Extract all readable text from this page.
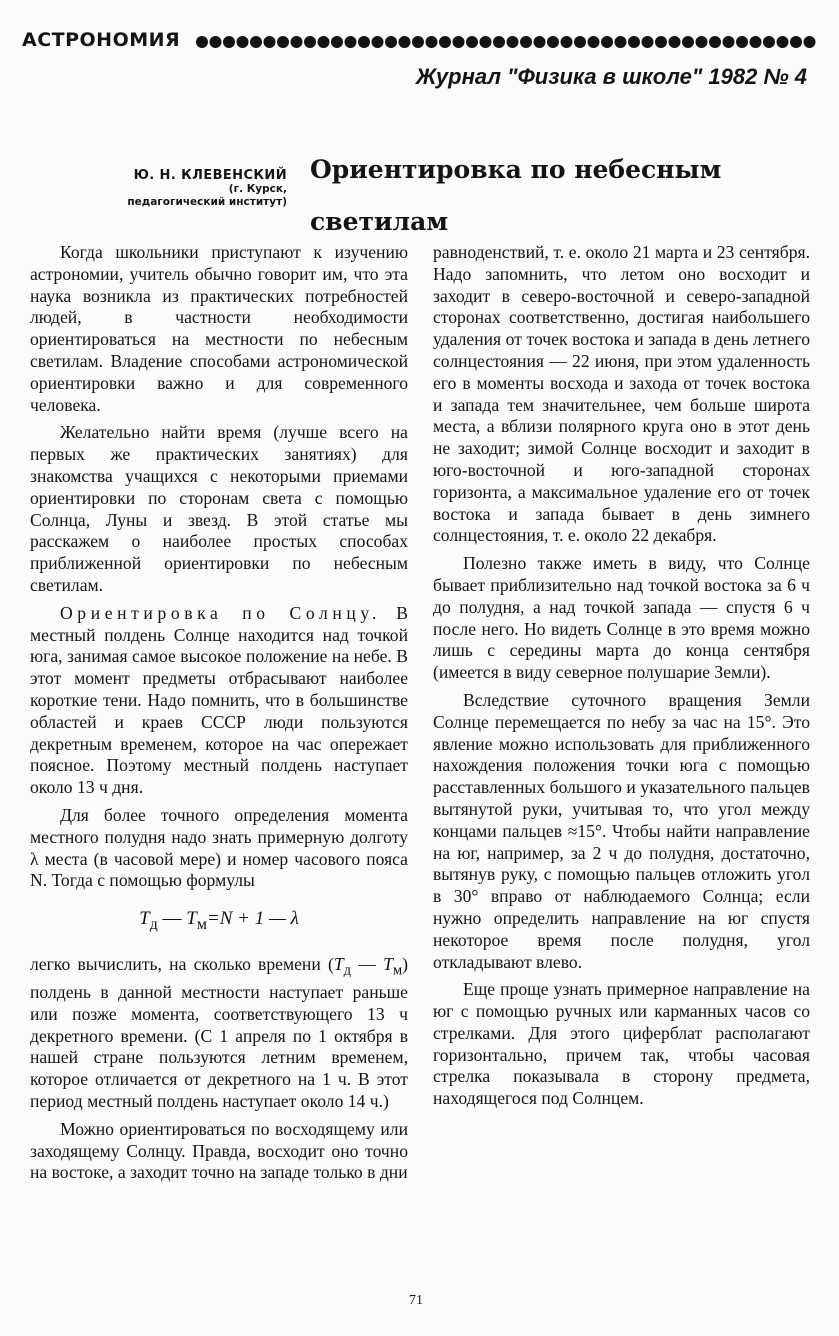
АСТРОНОМИЯ
Журнал "Физика в школе" 1982 № 4
Ю. Н. КЛЕВЕНСКИЙ
(г. Курск,
педагогический институт)
Ориентировка по небесным
светилам

Когда школьники приступают к изучению астрономии, учитель обычно говорит им, что эта наука возникла из практических потребностей людей, в частности необходимости ориентироваться на местности по небесным светилам. Владение способами астрономической ориентировки важно и для современного человека.

Желательно найти время (лучше всего на первых же практических занятиях) для знакомства учащихся с некоторыми приемами ориентировки по сторонам света с помощью Солнца, Луны и звезд. В этой статье мы расскажем о наиболее простых способах приближенной ориентировки по небесным светилам.

Ориентировка по Солнцу. В местный полдень Солнце находится над точкой юга, занимая самое высокое положение на небе. В этот момент предметы отбрасывают наиболее короткие тени. Надо помнить, что в большинстве областей и краев СССР люди пользуются декретным временем, которое на час опережает поясное. Поэтому местный полдень наступает около 13 ч дня.

Для более точного определения момента местного полудня надо знать примерную долготу λ места (в часовой мере) и номер часового пояса N. Тогда с помощью формулы

$T_д$ — $T_м=N + 1$ — λ

легко вычислить, на сколько времени ($T_д$ — $T_м$) полдень в данной местности наступает раньше или позже момента, соответствующего 13 ч декретного времени. (С 1 апреля по 1 октября в нашей стране пользуются летним временем, которое отличается от декретного на 1 ч. В этот период местный полдень наступает около 14 ч.)

Можно ориентироваться по восходящему или заходящему Солнцу. Правда, восходит оно точно на востоке, а заходит точно на западе только в дни

равноденствий, т. е. около 21 марта и 23 сентября. Надо запомнить, что летом оно восходит и заходит в северо-восточной и северо-западной сторонах соответственно, достигая наибольшего удаления от точек востока и запада в день летнего солнцестояния — 22 июня, при этом удаленность его в моменты восхода и захода от точек востока и запада тем значительнее, чем больше широта места, а вблизи полярного круга оно в этот день не заходит; зимой Солнце восходит и заходит в юго-восточной и юго-западной сторонах горизонта, а максимальное удаление его от точек востока и запада бывает в день зимнего солнцестояния, т. е. около 22 декабря.

Полезно также иметь в виду, что Солнце бывает приблизительно над точкой востока за 6 ч до полудня, а над точкой запада — спустя 6 ч после него. Но видеть Солнце в это время можно лишь с середины марта до конца сентября (имеется в виду северное полушарие Земли).

Вследствие суточного вращения Земли Солнце перемещается по небу за час на 15°. Это явление можно использовать для приближенного нахождения положения точки юга с помощью расставленных большого и указательного пальцев вытянутой руки, учитывая то, что угол между концами пальцев ≈15°. Чтобы найти направление на юг, например, за 2 ч до полудня, достаточно, вытянув руку, с помощью пальцев отложить угол в 30° вправо от наблюдаемого Солнца; если нужно определить направление на юг спустя некоторое время после полудня, угол откладывают влево.

Еще проще узнать примерное направление на юг с помощью ручных или карманных часов со стрелками. Для этого циферблат располагают горизонтально, причем так, чтобы часовая стрелка показывала в сторону предмета, находящегося под Солнцем.

71
